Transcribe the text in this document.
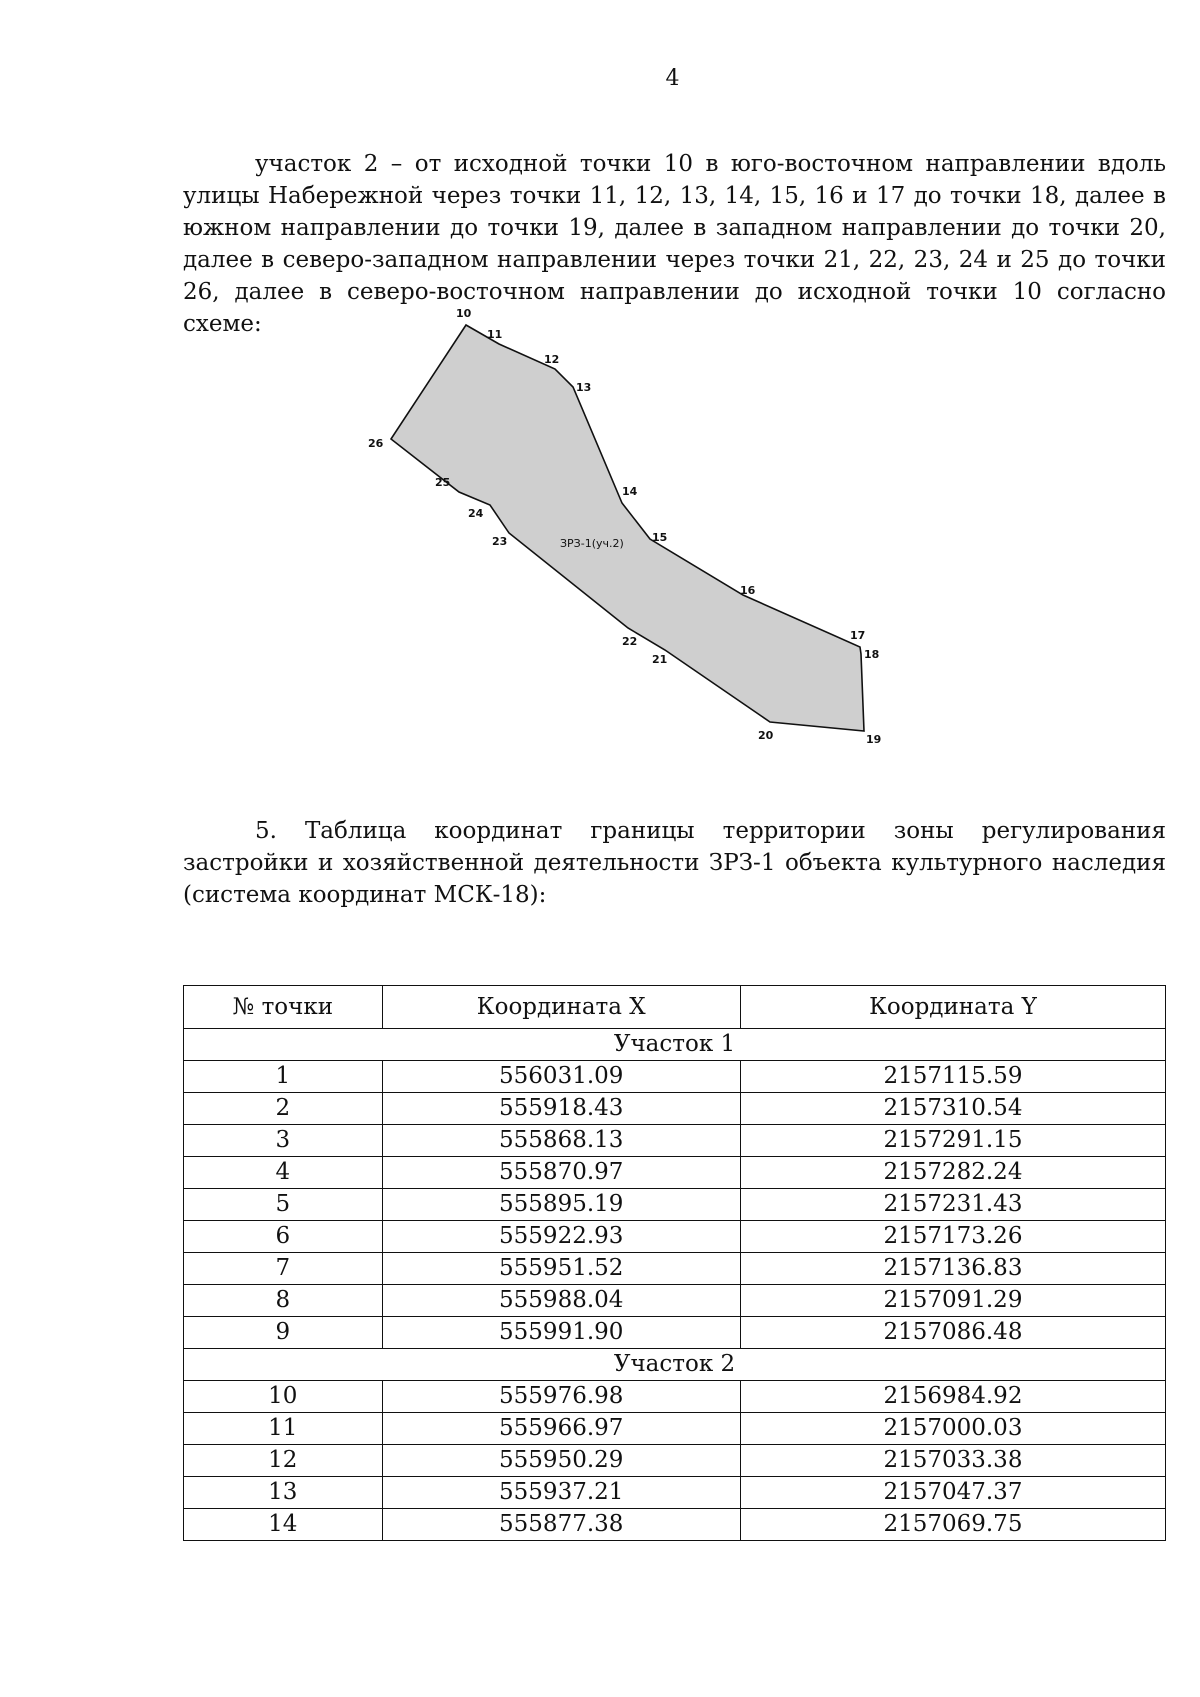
4

участок 2 – от исходной точки 10 в юго-восточном направлении вдоль улицы Набережной через точки 11, 12, 13, 14, 15, 16 и 17 до точки 18, далее в южном направлении до точки 19, далее в западном направлении до точки 20, далее в северо-западном направлении через точки 21, 22, 23, 24 и 25 до точки 26, далее в северо-восточном направлении до исходной точки 10 согласно схеме:

ЗРЗ-1(уч.2)
10
11
12
13
14
15
16
17
18
19
20
21
22
23
24
25
26

5. Таблица координат границы территории зоны регулирования застройки и хозяйственной деятельности ЗРЗ-1 объекта культурного наследия (система координат МСК-18):

№ точки	Координата X	Координата Y
Участок 1		
1	556031.09	2157115.59
2	555918.43	2157310.54
3	555868.13	2157291.15
4	555870.97	2157282.24
5	555895.19	2157231.43
6	555922.93	2157173.26
7	555951.52	2157136.83
8	555988.04	2157091.29
9	555991.90	2157086.48
Участок 2		
10	555976.98	2156984.92
11	555966.97	2157000.03
12	555950.29	2157033.38
13	555937.21	2157047.37
14	555877.38	2157069.75
